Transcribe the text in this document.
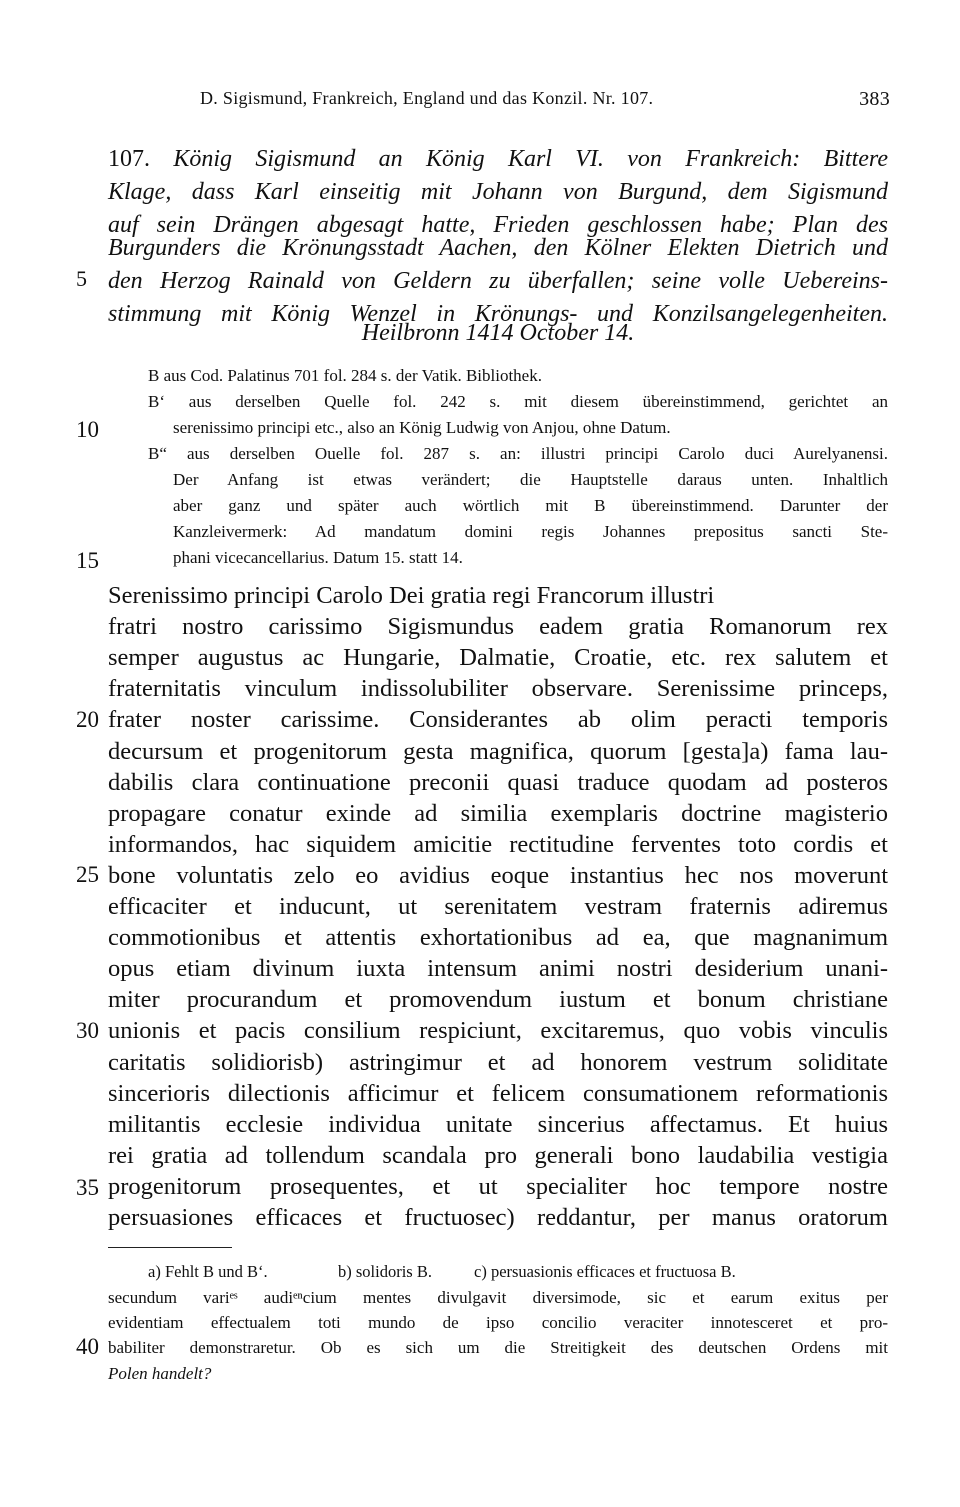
D. Sigismund, Frankreich, England und das Konzil. Nr. 107.	383
107. König Sigismund an König Karl VI. von Frankreich: Bittere
Klage, dass Karl einseitig mit Johann von Burgund, dem Sigismund
auf sein Drängen abgesagt hatte, Frieden geschlossen habe; Plan des
Burgunders die Krönungsstadt Aachen, den Kölner Elekten Dietrich und
den Herzog Rainald von Geldern zu überfallen; seine volle Uebereins-
stimmung mit König Wenzel in Krönungs- und Konzilsangelegenheiten.
Heilbronn 1414 October 14.
B aus Cod. Palatinus 701 fol. 284 s. der Vatik. Bibliothek.
B‘ aus derselben Quelle fol. 242 s. mit diesem übereinstimmend, gerichtet an
serenissimo principi etc., also an König Ludwig von Anjou, ohne Datum.
B“ aus derselben Ouelle fol. 287 s. an: illustri principi Carolo duci Aurelyanensi.
Der Anfang ist etwas verändert; die Hauptstelle daraus unten. Inhaltlich
aber ganz und später auch wörtlich mit B übereinstimmend. Darunter der
Kanzleivermerk: Ad mandatum domini regis Johannes prepositus sancti Ste-
phani vicecancellarius. Datum 15. statt 14.
Serenissimo principi Carolo Dei gratia regi Francorum illustri
fratri nostro carissimo Sigismundus eadem gratia Romanorum rex
semper augustus ac Hungarie, Dalmatie, Croatie, etc. rex salutem et
fraternitatis vinculum indissolubiliter observare. Serenissime princeps,
frater noster carissime. Considerantes ab olim peracti temporis
decursum et progenitorum gesta magnifica, quorum [gesta]a) fama lau-
dabilis clara continuatione preconii quasi traduce quodam ad posteros
propagare conatur exinde ad similia exemplaris doctrine magisterio
informandos, hac siquidem amicitie rectitudine ferventes toto cordis et
bone voluntatis zelo eo avidius eoque instantius hec nos moverunt
efficaciter et inducunt, ut serenitatem vestram fraternis adiremus
commotionibus et attentis exhortationibus ad ea, que magnanimum
opus etiam divinum iuxta intensum animi nostri desiderium unani-
miter procurandum et promovendum iustum et bonum christiane
unionis et pacis consilium respiciunt, excitaremus, quo vobis vinculis
caritatis solidiorisb) astringimur et ad honorem vestrum soliditate
sincerioris dilectionis afficimur et felicem consumationem reformationis
militantis ecclesie individua unitate sincerius affectamus. Et huius
rei gratia ad tollendum scandala pro generali bono laudabilia vestigia
progenitorum prosequentes, et ut specialiter hoc tempore nostre
persuasiones efficaces et fructuosec) reddantur, per manus oratorum
5
10
15
20
25
30
35
40
a) Fehlt B und B‘.	b) solidoris B.	c) persuasionis efficaces et fructuosa B.
secundum variᵉˢ audiᵉⁿcium mentes divulgavit diversimode, sic et earum exitus per
evidentiam effectualem toti mundo de ipso concilio veraciter innotesceret et pro-
babiliter demonstraretur. Ob es sich um die Streitigkeit des deutschen Ordens mit
Polen handelt?
